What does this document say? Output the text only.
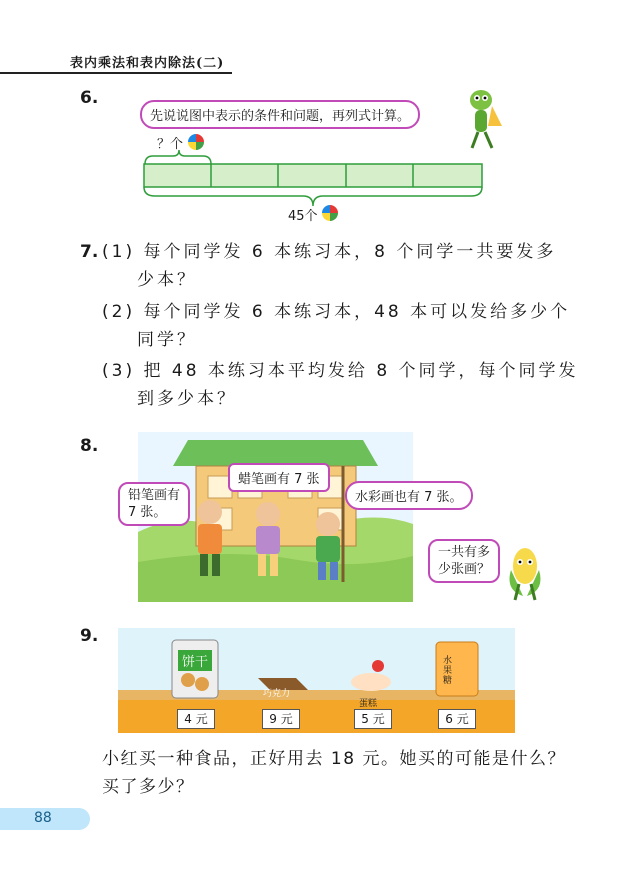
表内乘法和表内除法(二)
6.
先说说图中表示的条件和问题，再列式计算。
？个
45个
7. (1) 每个同学发 6 本练习本，8 个同学一共要发多
少本？
(2) 每个同学发 6 本练习本，48 本可以发给多少个
同学？
(3) 把 48 本练习本平均发给 8 个同学，每个同学发
到多少本？
8.
蜡笔画有 7 张
铅笔画有
7 张。
水彩画也有 7 张。
一共有多
少张画？
9.
饼干
巧克力
蛋糕
水果糖
4 元	9 元	5 元	6 元
小红买一种食品，正好用去 18 元。她买的可能是什么？
买了多少？
88
